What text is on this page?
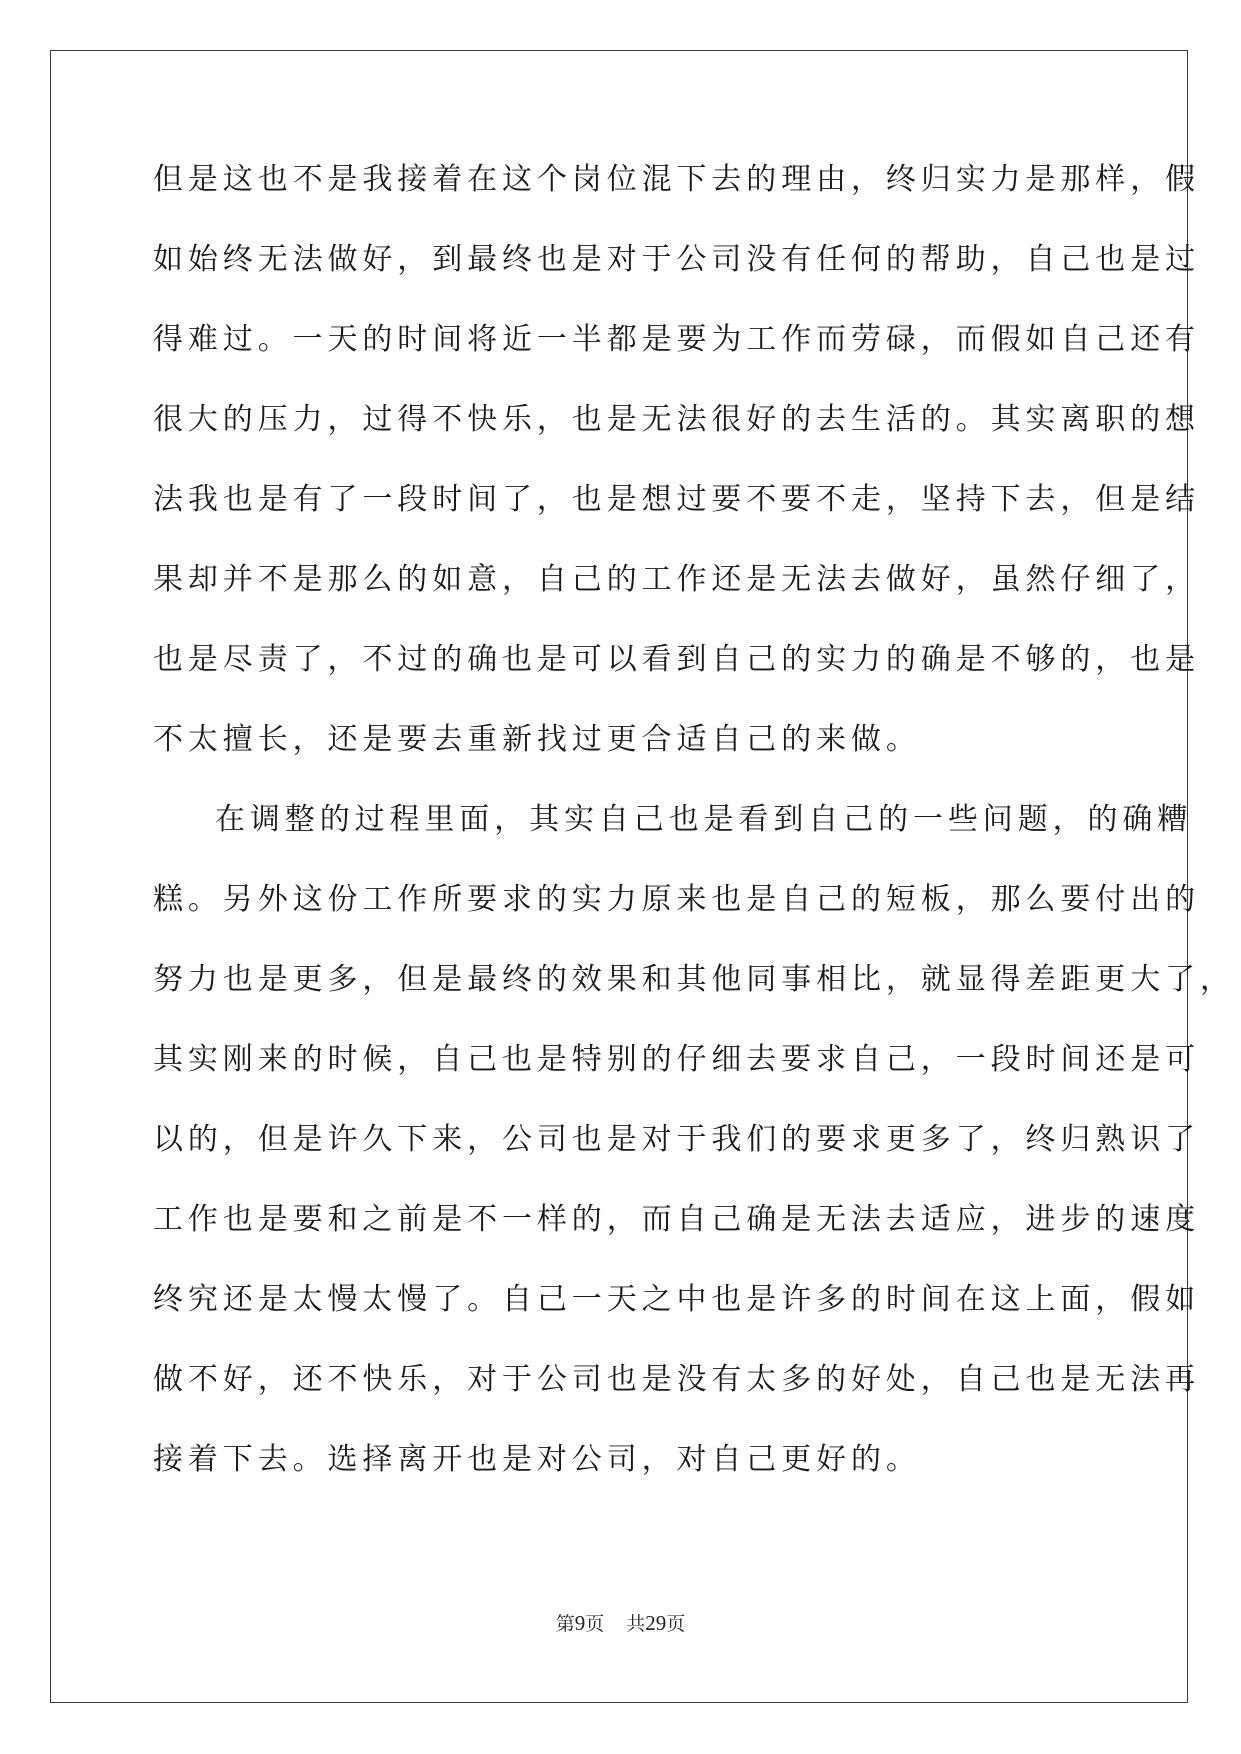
但是这也不是我接着在这个岗位混下去的理由，终归实力是那样，假
如始终无法做好，到最终也是对于公司没有任何的帮助，自己也是过
得难过。一天的时间将近一半都是要为工作而劳碌，而假如自己还有
很大的压力，过得不快乐，也是无法很好的去生活的。其实离职的想
法我也是有了一段时间了，也是想过要不要不走，坚持下去，但是结
果却并不是那么的如意，自己的工作还是无法去做好，虽然仔细了，
也是尽责了，不过的确也是可以看到自己的实力的确是不够的，也是
不太擅长，还是要去重新找过更合适自己的来做。
在调整的过程里面，其实自己也是看到自己的一些问题，的确糟
糕。另外这份工作所要求的实力原来也是自己的短板，那么要付出的
努力也是更多，但是最终的效果和其他同事相比，就显得差距更大了，
其实刚来的时候，自己也是特别的仔细去要求自己，一段时间还是可
以的，但是许久下来，公司也是对于我们的要求更多了，终归熟识了
工作也是要和之前是不一样的，而自己确是无法去适应，进步的速度
终究还是太慢太慢了。自己一天之中也是许多的时间在这上面，假如
做不好，还不快乐，对于公司也是没有太多的好处，自己也是无法再
接着下去。选择离开也是对公司，对自己更好的。
第9页 共29页
